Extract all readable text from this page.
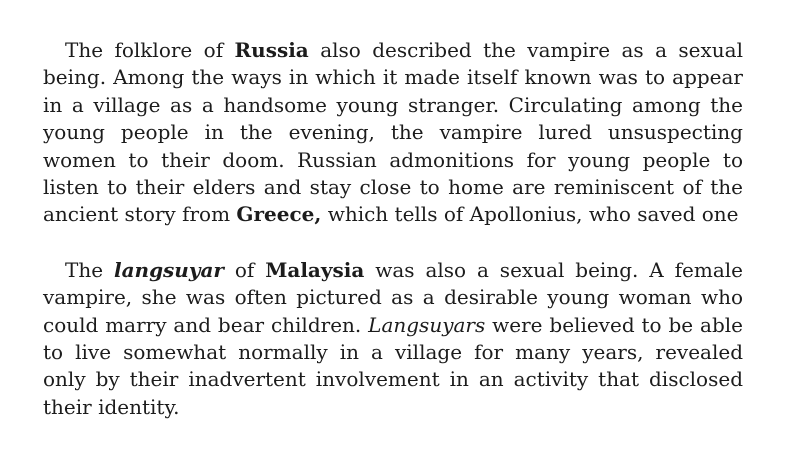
The folklore of Russia also described the vampire as a sexual
being. Among the ways in which it made itself known was to appear
in a village as a handsome young stranger. Circulating among the
young people in the evening, the vampire lured unsuspecting
women to their doom. Russian admonitions for young people to
listen to their elders and stay close to home are reminiscent of the
ancient story from Greece, which tells of Apollonius, who saved one

The langsuyar of Malaysia was also a sexual being. A female
vampire, she was often pictured as a desirable young woman who
could marry and bear children. Langsuyars were believed to be able
to live somewhat normally in a village for many years, revealed
only by their inadvertent involvement in an activity that disclosed
their identity.
